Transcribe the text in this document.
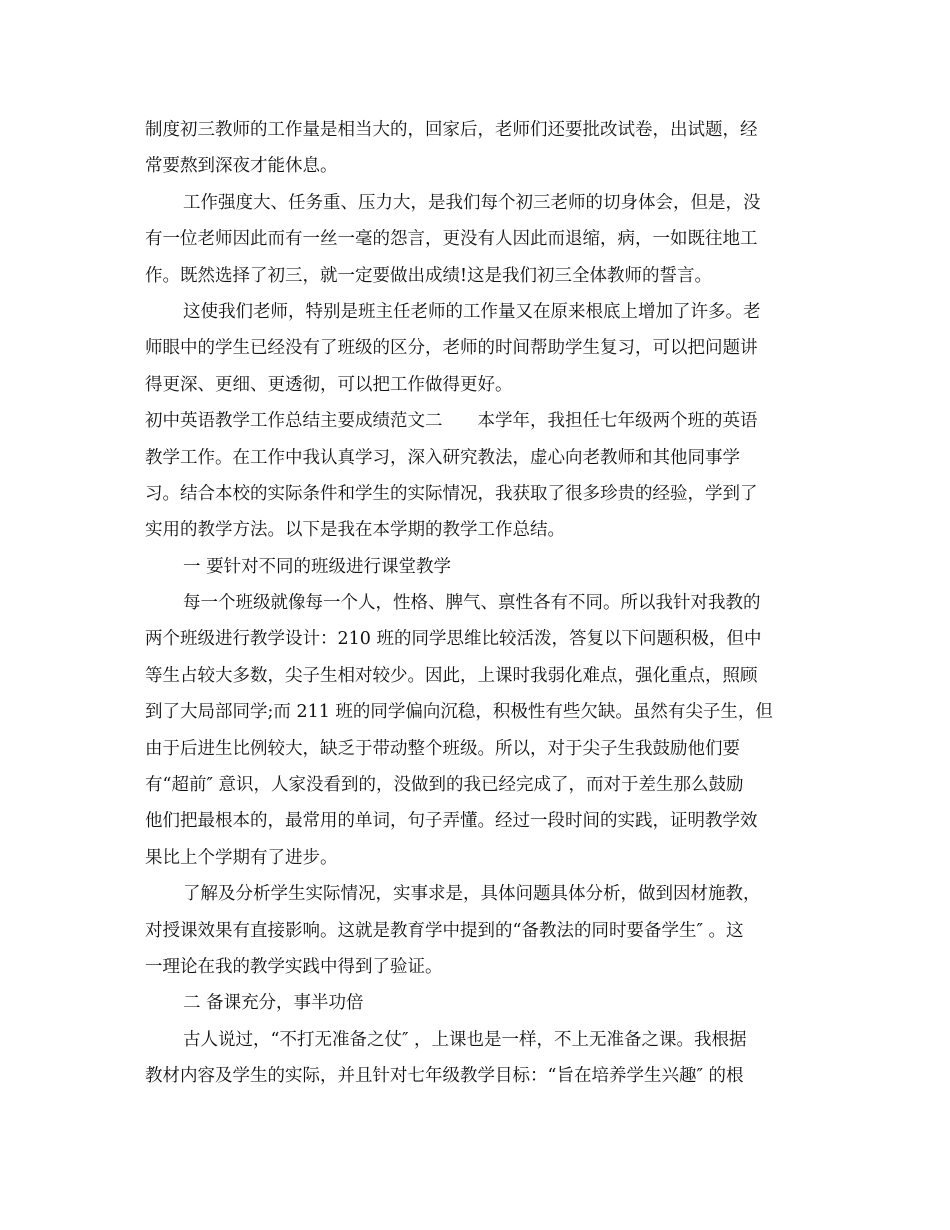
制度初三教师的工作量是相当大的，回家后，老师们还要批改试卷，出试题，经
常要熬到深夜才能休息。
工作强度大、任务重、压力大，是我们每个初三老师的切身体会，但是，没
有一位老师因此而有一丝一毫的怨言，更没有人因此而退缩，病，一如既往地工
作。既然选择了初三，就一定要做出成绩!这是我们初三全体教师的誓言。
这使我们老师，特别是班主任老师的工作量又在原来根底上增加了许多。老
师眼中的学生已经没有了班级的区分，老师的时间帮助学生复习，可以把问题讲
得更深、更细、更透彻，可以把工作做得更好。
初中英语教学工作总结主要成绩范文二　　本学年，我担任七年级两个班的英语
教学工作。在工作中我认真学习，深入研究教法，虚心向老教师和其他同事学
习。结合本校的实际条件和学生的实际情况，我获取了很多珍贵的经验，学到了
实用的教学方法。以下是我在本学期的教学工作总结。
一 要针对不同的班级进行课堂教学
每一个班级就像每一个人，性格、脾气、禀性各有不同。所以我针对我教的
两个班级进行教学设计：210 班的同学思维比较活泼，答复以下问题积极，但中
等生占较大多数，尖子生相对较少。因此，上课时我弱化难点，强化重点，照顾
到了大局部同学;而 211 班的同学偏向沉稳，积极性有些欠缺。虽然有尖子生，但
由于后进生比例较大，缺乏于带动整个班级。所以，对于尖子生我鼓励他们要
有“超前″ 意识，人家没看到的，没做到的我已经完成了，而对于差生那么鼓励
他们把最根本的，最常用的单词，句子弄懂。经过一段时间的实践，证明教学效
果比上个学期有了进步。
了解及分析学生实际情况，实事求是，具体问题具体分析，做到因材施教，
对授课效果有直接影响。这就是教育学中提到的“备教法的同时要备学生″ 。这
一理论在我的教学实践中得到了验证。
二 备课充分，事半功倍
古人说过，“不打无准备之仗″ ，上课也是一样，不上无准备之课。我根据
教材内容及学生的实际，并且针对七年级教学目标：“旨在培养学生兴趣″ 的根
